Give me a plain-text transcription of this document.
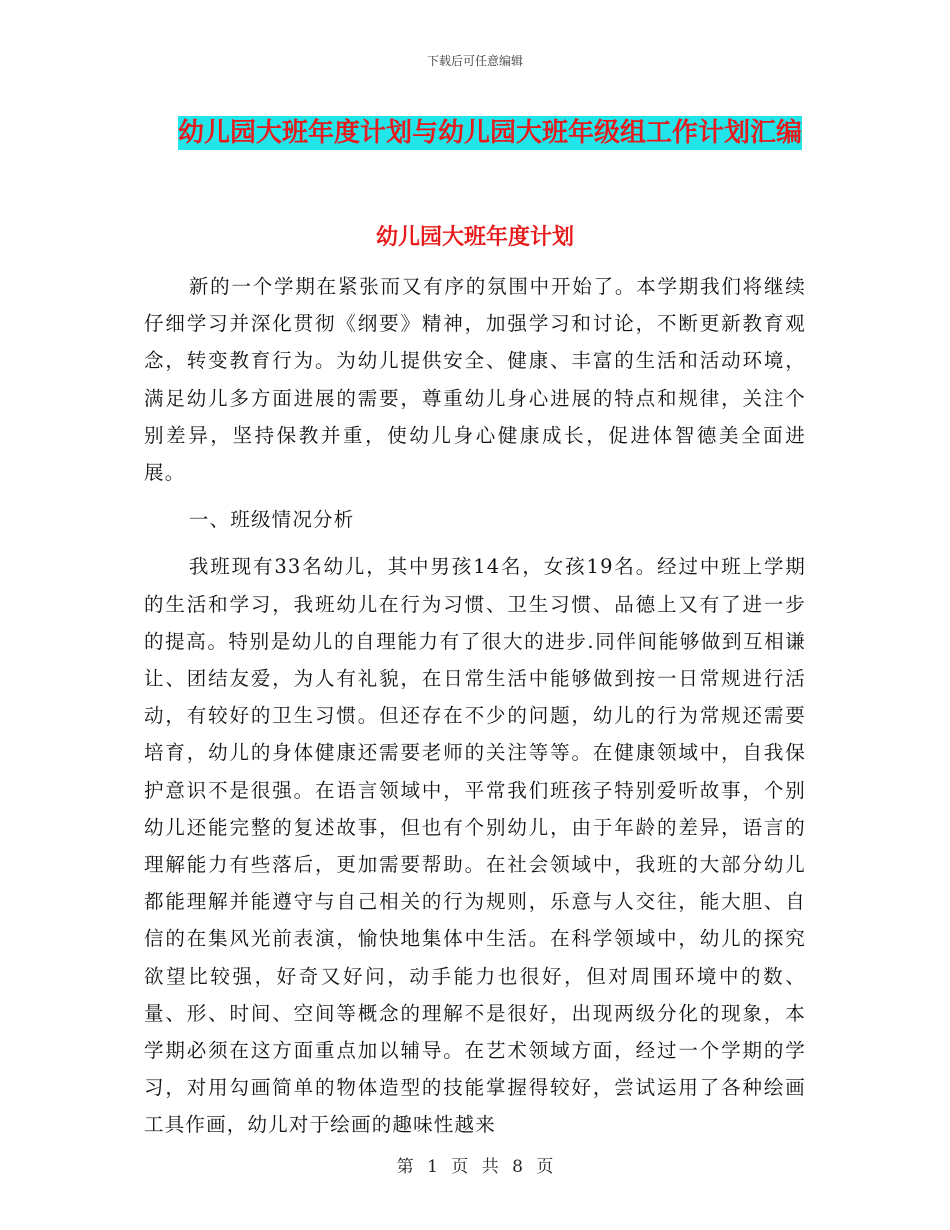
下载后可任意编辑
幼儿园大班年度计划与幼儿园大班年级组工作计划汇编
幼儿园大班年度计划

新的一个学期在紧张而又有序的氛围中开始了。本学期我们将继续仔细学习并深化贯彻《纲要》精神，加强学习和讨论，不断更新教育观念，转变教育行为。为幼儿提供安全、健康、丰富的生活和活动环境，满足幼儿多方面进展的需要，尊重幼儿身心进展的特点和规律，关注个别差异，坚持保教并重，使幼儿身心健康成长，促进体智德美全面进展。

一、班级情况分析

我班现有33名幼儿，其中男孩14名，女孩19名。经过中班上学期的生活和学习，我班幼儿在行为习惯、卫生习惯、品德上又有了进一步的提高。特别是幼儿的自理能力有了很大的进步.同伴间能够做到互相谦让、团结友爱，为人有礼貌，在日常生活中能够做到按一日常规进行活动，有较好的卫生习惯。但还存在不少的问题，幼儿的行为常规还需要培育，幼儿的身体健康还需要老师的关注等等。在健康领域中，自我保护意识不是很强。在语言领域中，平常我们班孩子特别爱听故事，个别幼儿还能完整的复述故事，但也有个别幼儿，由于年龄的差异，语言的理解能力有些落后，更加需要帮助。在社会领域中，我班的大部分幼儿都能理解并能遵守与自己相关的行为规则，乐意与人交往，能大胆、自信的在集风光前表演，愉快地集体中生活。在科学领域中，幼儿的探究欲望比较强，好奇又好问，动手能力也很好，但对周围环境中的数、量、形、时间、空间等概念的理解不是很好，出现两级分化的现象，本学期必须在这方面重点加以辅导。在艺术领域方面，经过一个学期的学习，对用勾画简单的物体造型的技能掌握得较好，尝试运用了各种绘画工具作画，幼儿对于绘画的趣味性越来

第 1 页 共 8 页
